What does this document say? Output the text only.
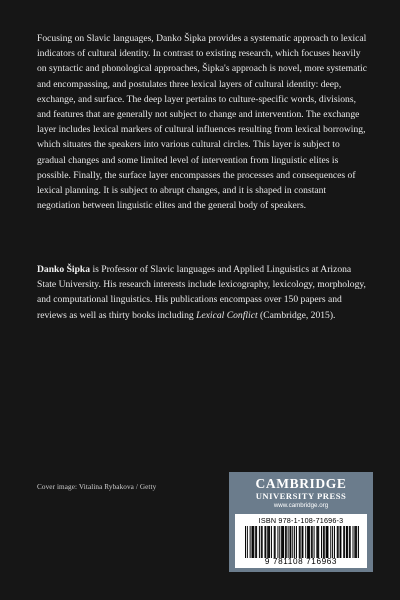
Focusing on Slavic languages, Danko Šipka provides a systematic approach to lexical indicators of cultural identity. In contrast to existing research, which focuses heavily on syntactic and phonological approaches, Šipka's approach is novel, more systematic and encompassing, and postulates three lexical layers of cultural identity: deep, exchange, and surface. The deep layer pertains to culture-specific words, divisions, and features that are generally not subject to change and intervention. The exchange layer includes lexical markers of cultural influences resulting from lexical borrowing, which situates the speakers into various cultural circles. This layer is subject to gradual changes and some limited level of intervention from linguistic elites is possible. Finally, the surface layer encompasses the processes and consequences of lexical planning. It is subject to abrupt changes, and it is shaped in constant negotiation between linguistic elites and the general body of speakers.

Danko Šipka is Professor of Slavic languages and Applied Linguistics at Arizona State University. His research interests include lexicography, lexicology, morphology, and computational linguistics. His publications encompass over 150 papers and reviews as well as thirty books including Lexical Conflict (Cambridge, 2015).

Cover image: Vitalina Rybakova / Getty	CAMBRIDGE
UNIVERSITY PRESS
www.cambridge.org
ISBN 978-1-108-71696-3
9 781108 716963
